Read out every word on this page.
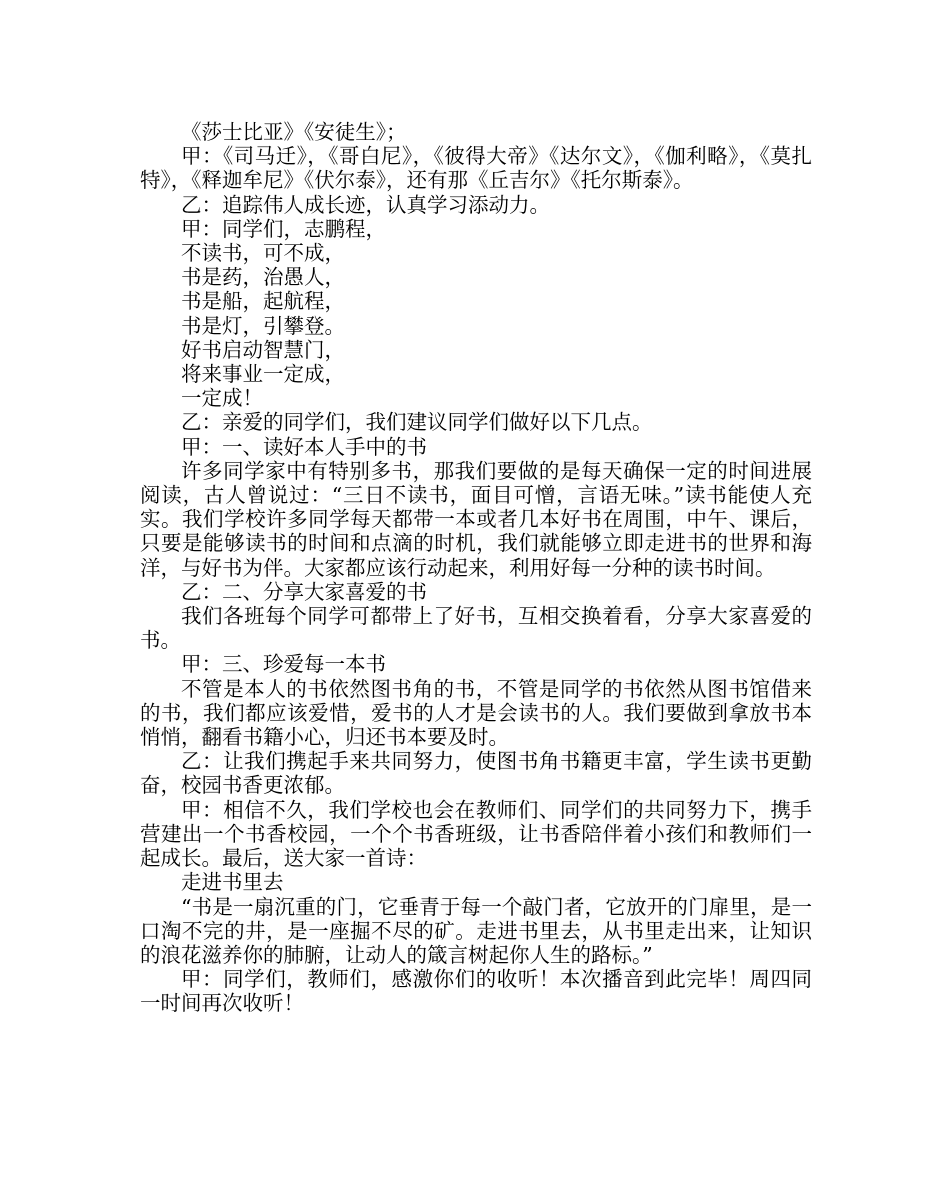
《莎士比亚》《安徒生》；

甲：《司马迁》，《哥白尼》，《彼得大帝》《达尔文》，《伽利略》，《莫扎特》，《释迦牟尼》《伏尔泰》，还有那《丘吉尔》《托尔斯泰》。

乙：追踪伟人成长迹，认真学习添动力。

甲：同学们，志鹏程，

不读书，可不成，

书是药，治愚人，

书是船，起航程，

书是灯，引攀登。

好书启动智慧门，

将来事业一定成，

一定成！

乙：亲爱的同学们，我们建议同学们做好以下几点。

甲：一、读好本人手中的书

许多同学家中有特别多书，那我们要做的是每天确保一定的时间进展阅读，古人曾说过：“三日不读书，面目可憎，言语无味。”读书能使人充实。我们学校许多同学每天都带一本或者几本好书在周围，中午、课后，只要是能够读书的时间和点滴的时机，我们就能够立即走进书的世界和海洋，与好书为伴。大家都应该行动起来，利用好每一分种的读书时间。

乙：二、分享大家喜爱的书

我们各班每个同学可都带上了好书，互相交换着看，分享大家喜爱的书。

甲：三、珍爱每一本书

不管是本人的书依然图书角的书，不管是同学的书依然从图书馆借来的书，我们都应该爱惜，爱书的人才是会读书的人。我们要做到拿放书本悄悄，翻看书籍小心，归还书本要及时。

乙：让我们携起手来共同努力，使图书角书籍更丰富，学生读书更勤奋，校园书香更浓郁。

甲：相信不久，我们学校也会在教师们、同学们的共同努力下，携手营建出一个书香校园，一个个书香班级，让书香陪伴着小孩们和教师们一起成长。最后，送大家一首诗：

走进书里去

“书是一扇沉重的门，它垂青于每一个敲门者，它放开的门扉里，是一口淘不完的井，是一座掘不尽的矿。走进书里去，从书里走出来，让知识的浪花滋养你的肺腑，让动人的箴言树起你人生的路标。”

甲：同学们，教师们，感激你们的收听！本次播音到此完毕！周四同一时间再次收听！
